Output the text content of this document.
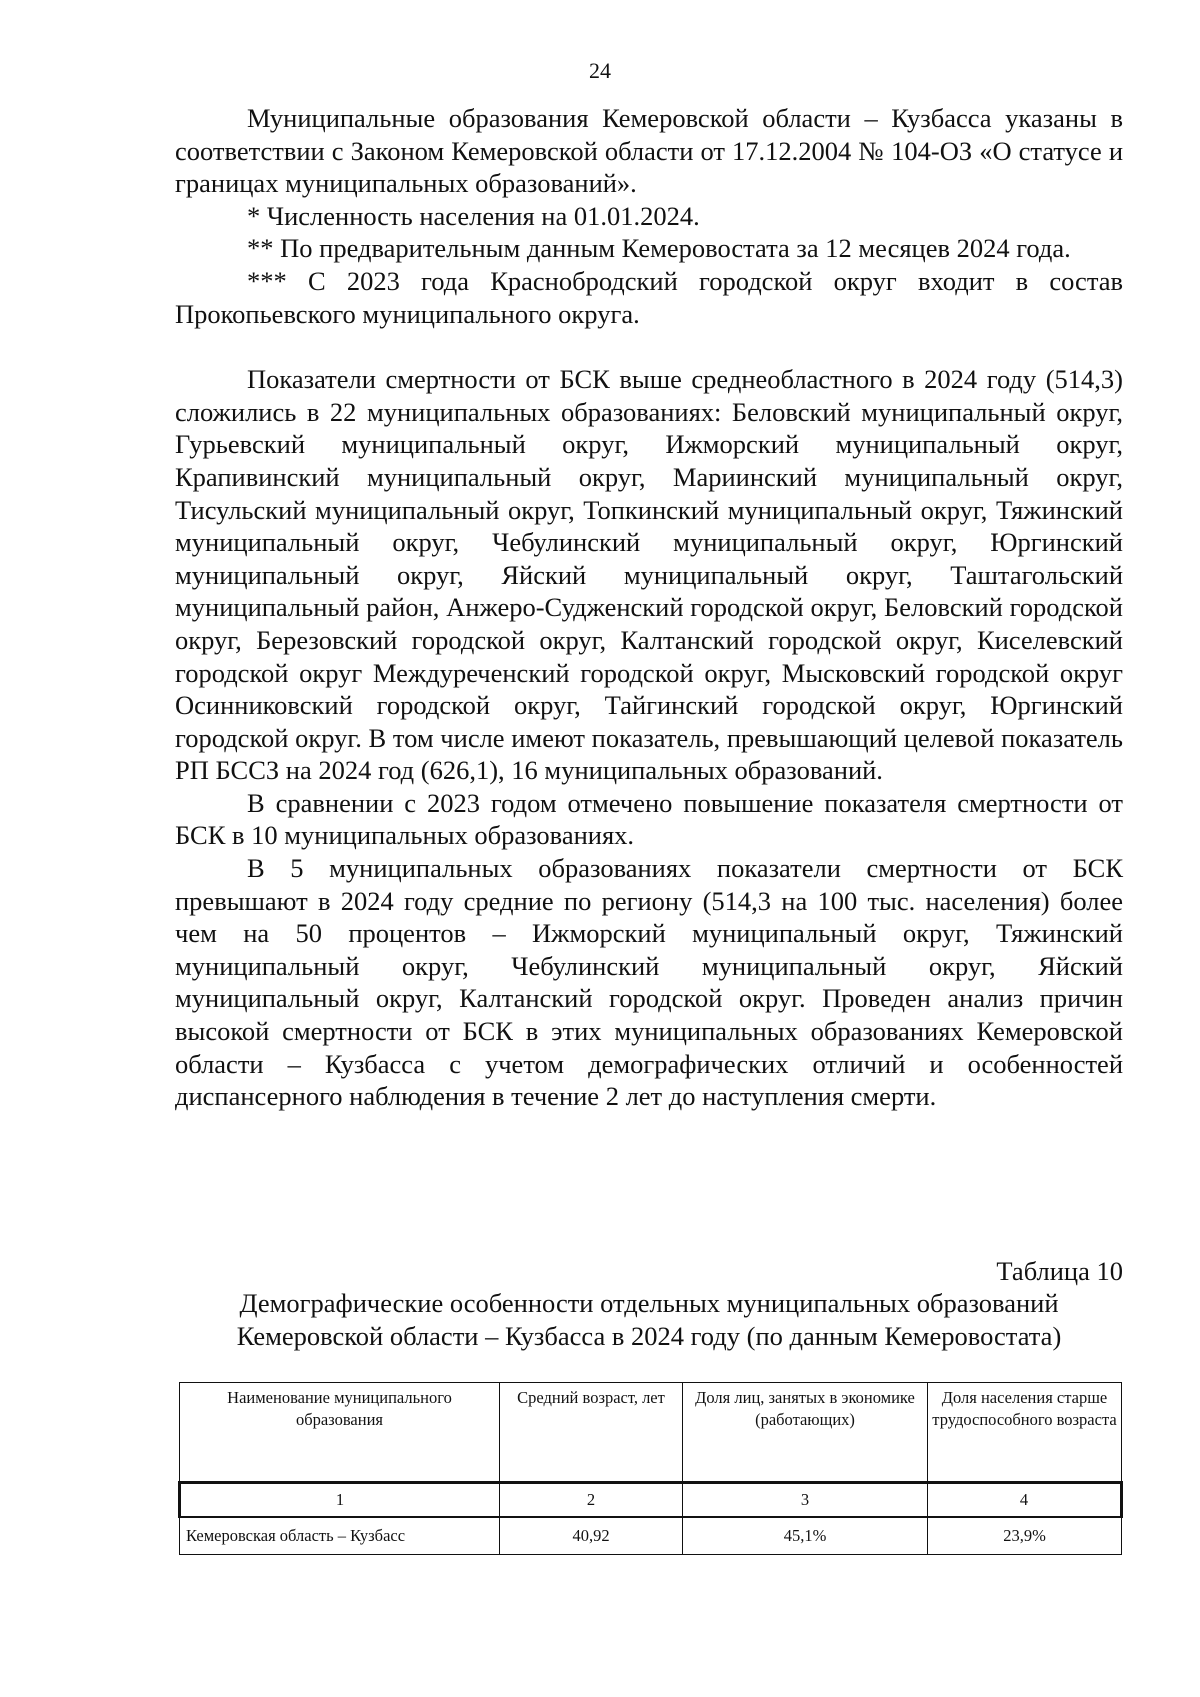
24

Муниципальные образования Кемеровской области – Кузбасса указаны в соответствии с Законом Кемеровской области от 17.12.2004 № 104-ОЗ «О статусе и границах муниципальных образований».

* Численность населения на 01.01.2024.

** По предварительным данным Кемеровостата за 12 месяцев 2024 года.

*** С 2023 года Краснобродский городской округ входит в состав Прокопьевского муниципального округа.

Показатели смертности от БСК выше среднеобластного в 2024 году (514,3) сложились в 22 муниципальных образованиях: Беловский муниципальный округ, Гурьевский муниципальный округ, Ижморский муниципальный округ, Крапивинский муниципальный округ, Мариинский муниципальный округ, Тисульский муниципальный округ, Топкинский муниципальный округ, Тяжинский муниципальный округ, Чебулинский муниципальный округ, Юргинский муниципальный округ, Яйский муниципальный округ, Таштагольский муниципальный район, Анжеро-Судженский городской округ, Беловский городской округ, Березовский городской округ, Калтанский городской округ, Киселевский городской округ Междуреченский городской округ, Мысковский городской округ Осинниковский городской округ, Тайгинский городской округ, Юргинский городской округ. В том числе имеют показатель, превышающий целевой показатель РП БССЗ на 2024 год (626,1), 16 муниципальных образований.

В сравнении с 2023 годом отмечено повышение показателя смертности от БСК в 10 муниципальных образованиях.

В 5 муниципальных образованиях показатели смертности от БСК превышают в 2024 году средние по региону (514,3 на 100 тыс. населения) более чем на 50 процентов – Ижморский муниципальный округ, Тяжинский муниципальный округ, Чебулинский муниципальный округ, Яйский муниципальный округ, Калтанский городской округ. Проведен анализ причин высокой смертности от БСК в этих муниципальных образованиях Кемеровской области – Кузбасса с учетом демографических отличий и особенностей диспансерного наблюдения в течение 2 лет до наступления смерти.

Таблица 10
Демографические особенности отдельных муниципальных образований
Кемеровской области – Кузбасса в 2024 году (по данным Кемеровостата)
Наименование муниципального образования	Средний возраст, лет	Доля лиц, занятых в экономике (работающих)	Доля населения старше трудоспособного возраста
1	2	3	4
Кемеровская область – Кузбасс	40,92	45,1%	23,9%
